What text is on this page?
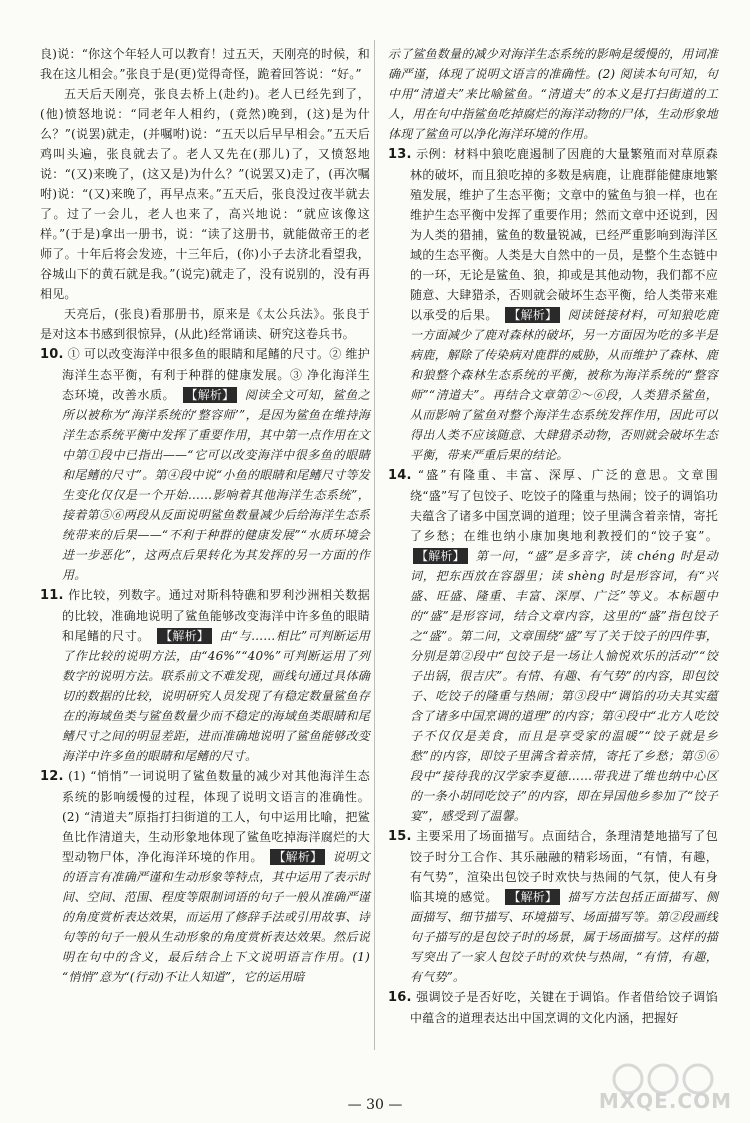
良)说：“你这个年轻人可以教育！过五天，天刚亮的时候，和我在这儿相会。”张良于是(更)觉得奇怪，跪着回答说：“好。”

五天后天刚亮，张良去桥上(赴约)。老人已经先到了，(他)愤怒地说：“同老年人相约，(竟然)晚到，(这)是为什么？”(说罢)就走，(并嘱咐)说：“五天以后早早相会。”五天后鸡叫头遍，张良就去了。老人又先在(那儿)了，又愤怒地说：“(又)来晚了，(这又是)为什么？”(说罢又)走了，(再次嘱咐)说：“(又)来晚了，再早点来。”五天后，张良没过夜半就去了。过了一会儿，老人也来了，高兴地说：“就应该像这样。”(于是)拿出一册书，说：“读了这册书，就能做帝王的老师了。十年后将会发迹，十三年后，(你)小子去济北看望我，谷城山下的黄石就是我。”(说完)就走了，没有说别的，没有再相见。

天亮后，(张良)看那册书，原来是《太公兵法》。张良于是对这本书感到很惊异，(从此)经常诵读、研究这卷兵书。

10. ① 可以改变海洋中很多鱼的眼睛和尾鳍的尺寸。② 维护海洋生态平衡，有利于种群的健康发展。③ 净化海洋生态环境，改善水质。 【解析】 阅读全文可知，鲨鱼之所以被称为“海洋系统的‘整容师’”，是因为鲨鱼在维持海洋生态系统平衡中发挥了重要作用，其中第一点作用在文中第①段中已指出——“它可以改变海洋中很多鱼的眼睛和尾鳍的尺寸”。第④段中说“小鱼的眼睛和尾鳍尺寸等发生变化仅仅是一个开始……影响着其他海洋生态系统”，接着第⑤⑥两段从反面说明鲨鱼数量减少后给海洋生态系统带来的后果——“不利于种群的健康发展”“水质环境会进一步恶化”，这两点后果转化为其发挥的另一方面的作用。

11. 作比较，列数字。通过对斯科特礁和罗利沙洲相关数据的比较，准确地说明了鲨鱼能够改变海洋中许多鱼的眼睛和尾鳍的尺寸。 【解析】 由“与……相比”可判断运用了作比较的说明方法，由“46%”“40%”可判断运用了列数字的说明方法。联系前文不难发现，画线句通过具体确切的数据的比较，说明研究人员发现了有稳定数量鲨鱼存在的海域鱼类与鲨鱼数量少而不稳定的海域鱼类眼睛和尾鳍尺寸之间的明显差距，进而准确地说明了鲨鱼能够改变海洋中许多鱼的眼睛和尾鳍的尺寸。

12. (1) “悄悄”一词说明了鲨鱼数量的减少对其他海洋生态系统的影响缓慢的过程，体现了说明文语言的准确性。 (2) “清道夫”原指打扫街道的工人，句中运用比喻，把鲨鱼比作清道夫，生动形象地体现了鲨鱼吃掉海洋腐烂的大型动物尸体，净化海洋环境的作用。 【解析】 说明文的语言有准确严谨和生动形象等特点，其中运用了表示时间、空间、范围、程度等限制词语的句子一般从准确严谨的角度赏析表达效果，而运用了修辞手法或引用故事、诗句等的句子一般从生动形象的角度赏析表达效果。然后说明在句中的含义，最后结合上下文说明语言作用。(1) “悄悄”意为“(行动)不让人知道”，它的运用暗

示了鲨鱼数量的减少对海洋生态系统的影响是缓慢的，用词准确严谨，体现了说明文语言的准确性。(2) 阅读本句可知，句中用“清道夫”来比喻鲨鱼。“清道夫”的本义是打扫街道的工人，用在句中指鲨鱼吃掉腐烂的海洋动物的尸体，生动形象地体现了鲨鱼可以净化海洋环境的作用。

13. 示例：材料中狼吃鹿遏制了因鹿的大量繁殖而对草原森林的破坏，而且狼吃掉的多数是病鹿，让鹿群能健康地繁殖发展，维护了生态平衡；文章中的鲨鱼与狼一样，也在维护生态平衡中发挥了重要作用；然而文章中还说到，因为人类的猎捕，鲨鱼的数量锐减，已经严重影响到海洋区域的生态平衡。人类是大自然中的一员，是整个生态链中的一环，无论是鲨鱼、狼，抑或是其他动物，我们都不应随意、大肆猎杀，否则就会破坏生态平衡，给人类带来难以承受的后果。 【解析】 阅读链接材料，可知狼吃鹿一方面减少了鹿对森林的破坏，另一方面因为吃的多半是病鹿，解除了传染病对鹿群的威胁，从而维护了森林、鹿和狼整个森林生态系统的平衡，被称为海洋系统的“整容师”“清道夫”。再结合文章第②～⑥段，人类猎杀鲨鱼，从而影响了鲨鱼对整个海洋生态系统发挥作用，因此可以得出人类不应该随意、大肆猎杀动物，否则就会破坏生态平衡，带来严重后果的结论。

14. “盛”有隆重、丰富、深厚、广泛的意思。文章围绕“盛”写了包饺子、吃饺子的隆重与热闹；饺子的调馅功夫蕴含了诸多中国烹调的道理；饺子里满含着亲情，寄托了乡愁；在维也纳小康加奥地利教授们的“饺子宴”。 【解析】 第一问，“盛”是多音字，读 chéng 时是动词，把东西放在容器里；读 shèng 时是形容词，有“兴盛、旺盛、隆重、丰富、深厚、广泛”等义。本标题中的“盛”是形容词，结合文章内容，这里的“盛”指包饺子之“盛”。第二问，文章围绕“盛”写了关于饺子的四件事，分别是第②段中“包饺子是一场让人愉悦欢乐的活动”“饺子出锅，很吉庆”。有情、有趣、有气势”的内容，即包饺子、吃饺子的隆重与热闹；第③段中“调馅的功夫其实蕴含了诸多中国烹调的道理”的内容；第④段中“北方人吃饺子不仅仅是美食，而且是享受家的温暖”“饺子就是乡愁”的内容，即饺子里满含着亲情，寄托了乡愁；第⑤⑥段中“接待我的汉学家李夏德……带我进了维也纳中心区的一条小胡同吃饺子”的内容，即在异国他乡参加了“饺子宴”，感受到了温馨。

15. 主要采用了场面描写。点面结合，条理清楚地描写了包饺子时分工合作、其乐融融的精彩场面，“有情，有趣，有气势”，渲染出包饺子时欢快与热闹的气氛，使人有身临其境的感觉。 【解析】 描写方法包括正面描写、侧面描写、细节描写、环境描写、场面描写等。第②段画线句子描写的是包饺子时的场景，属于场面描写。这样的描写突出了一家人包饺子时的欢快与热闹，“有情，有趣，有气势”。

16. 强调饺子是否好吃，关键在于调馅。作者借给饺子调馅中蕴含的道理表达出中国烹调的文化内涵，把握好

— 30 —	MXQE.COM
